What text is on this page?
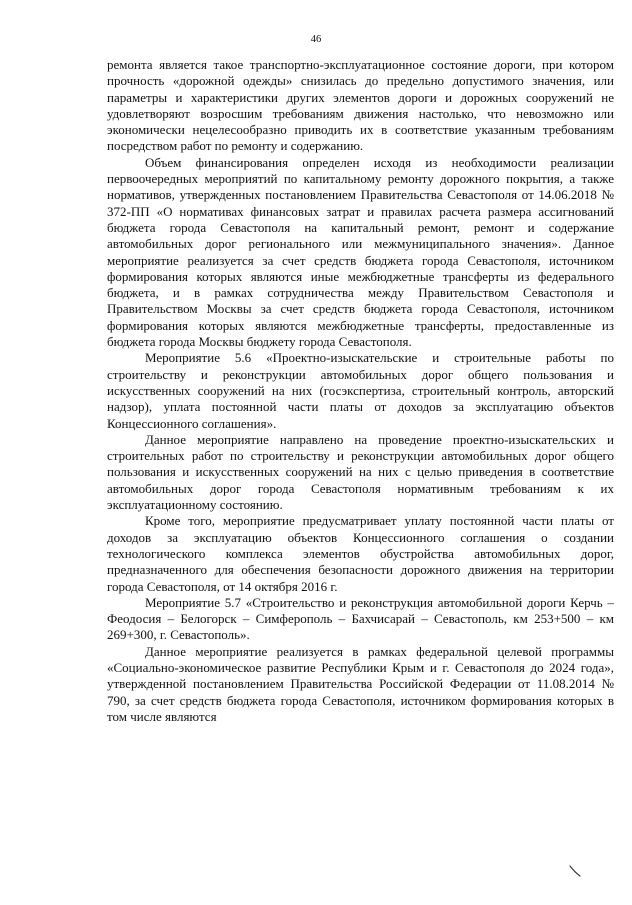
46

ремонта является такое транспортно-эксплуатационное состояние дороги, при котором прочность «дорожной одежды» снизилась до предельно допустимого значения, или параметры и характеристики других элементов дороги и дорожных сооружений не удовлетворяют возросшим требованиям движения настолько, что невозможно или экономически нецелесообразно приводить их в соответствие указанным требованиям посредством работ по ремонту и содержанию.

Объем финансирования определен исходя из необходимости реализации первоочередных мероприятий по капитальному ремонту дорожного покрытия, а также нормативов, утвержденных постановлением Правительства Севастополя от 14.06.2018 № 372-ПП «О нормативах финансовых затрат и правилах расчета размера ассигнований бюджета города Севастополя на капитальный ремонт, ремонт и содержание автомобильных дорог регионального или межмуниципального значения». Данное мероприятие реализуется за счет средств бюджета города Севастополя, источником формирования которых являются иные межбюджетные трансферты из федерального бюджета, и в рамках сотрудничества между Правительством Севастополя и Правительством Москвы за счет средств бюджета города Севастополя, источником формирования которых являются межбюджетные трансферты, предоставленные из бюджета города Москвы бюджету города Севастополя.

Мероприятие 5.6 «Проектно-изыскательские и строительные работы по строительству и реконструкции автомобильных дорог общего пользования и искусственных сооружений на них (госэкспертиза, строительный контроль, авторский надзор), уплата постоянной части платы от доходов за эксплуатацию объектов Концессионного соглашения».

Данное мероприятие направлено на проведение проектно-изыскательских и строительных работ по строительству и реконструкции автомобильных дорог общего пользования и искусственных сооружений на них с целью приведения в соответствие автомобильных дорог города Севастополя нормативным требованиям к их эксплуатационному состоянию.

Кроме того, мероприятие предусматривает уплату постоянной части платы от доходов за эксплуатацию объектов Концессионного соглашения о создании технологического комплекса элементов обустройства автомобильных дорог, предназначенного для обеспечения безопасности дорожного движения на территории города Севастополя, от 14 октября 2016 г.

Мероприятие 5.7 «Строительство и реконструкция автомобильной дороги Керчь – Феодосия – Белогорск – Симферополь – Бахчисарай – Севастополь, км 253+500 – км 269+300, г. Севастополь».

Данное мероприятие реализуется в рамках федеральной целевой программы «Социально-экономическое развитие Республики Крым и г. Севастополя до 2024 года», утвержденной постановлением Правительства Российской Федерации от 11.08.2014 № 790, за счет средств бюджета города Севастополя, источником формирования которых в том числе являются
